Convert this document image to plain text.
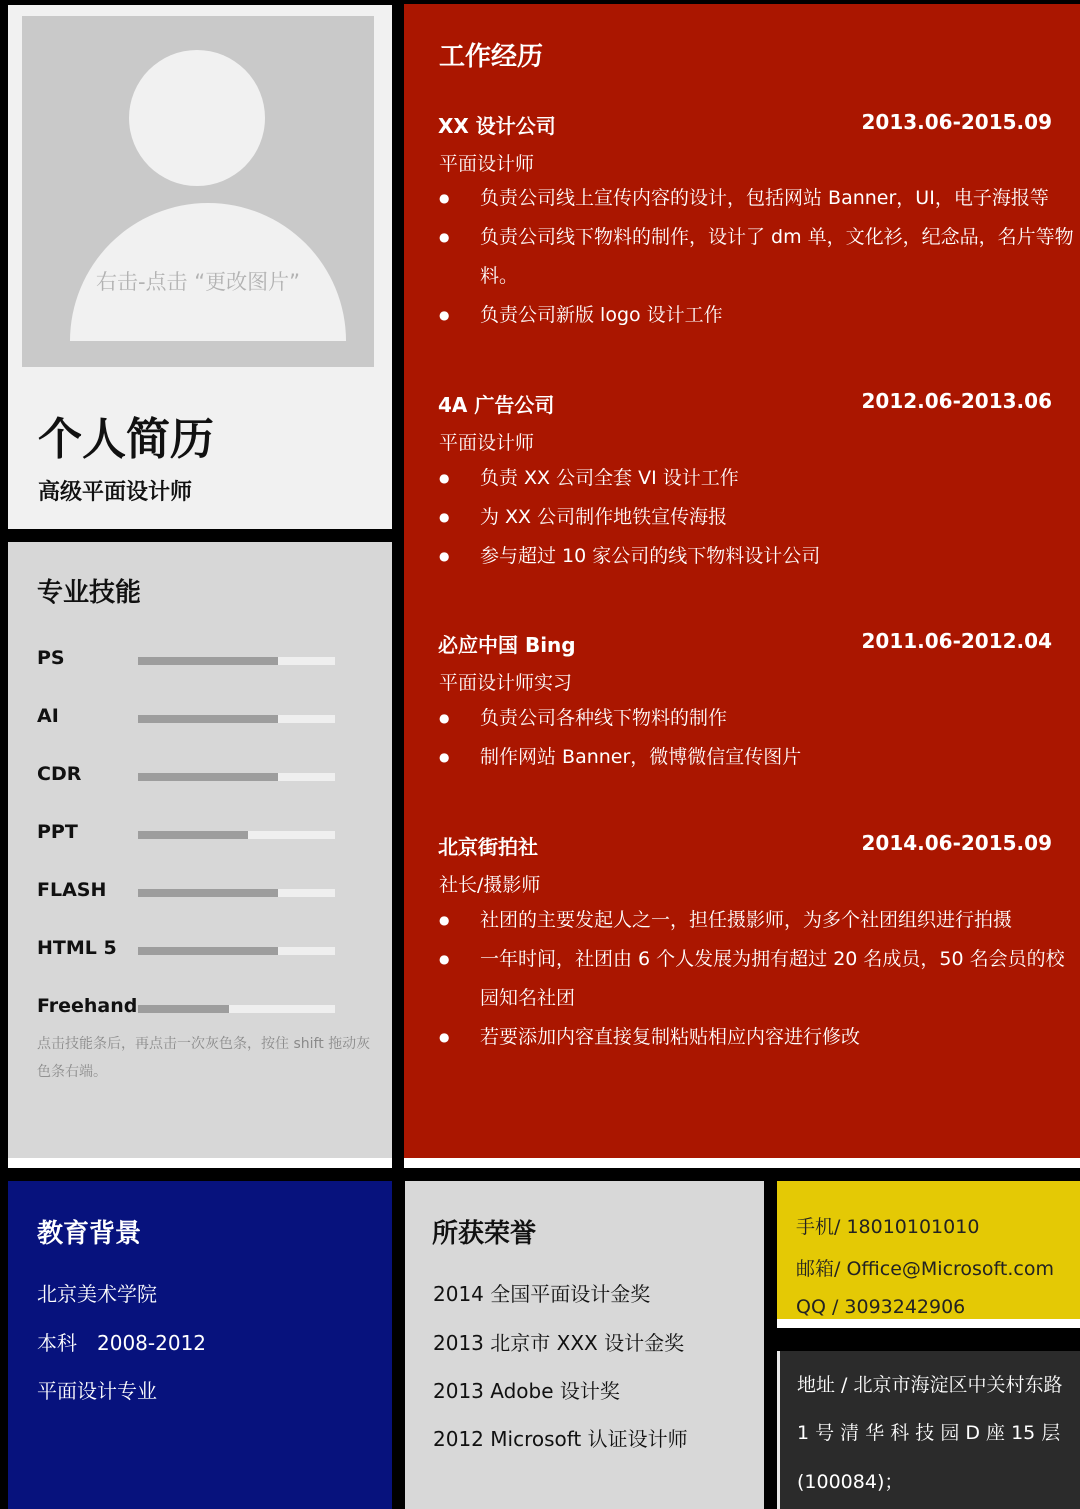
右击-点击 “更改图片”
个人简历
高级平面设计师
专业技能
PS
AI
CDR
PPT
FLASH
HTML 5
Freehand
点击技能条后，再点击一次灰色条，按住 shift 拖动灰色条右端。
工作经历
XX 设计公司	2013.06-2015.09
平面设计师
● 负责公司线上宣传内容的设计，包括网站 Banner，UI，电子海报等
● 负责公司线下物料的制作，设计了 dm 单，文化衫，纪念品，名片等物料。
● 负责公司新版 logo 设计工作
4A 广告公司	2012.06-2013.06
平面设计师
● 负责 XX 公司全套 VI 设计工作
● 为 XX 公司制作地铁宣传海报
● 参与超过 10 家公司的线下物料设计公司
必应中国 Bing	2011.06-2012.04
平面设计师实习
● 负责公司各种线下物料的制作
● 制作网站 Banner，微博微信宣传图片
北京街拍社	2014.06-2015.09
社长/摄影师
● 社团的主要发起人之一，担任摄影师，为多个社团组织进行拍摄
● 一年时间，社团由 6 个人发展为拥有超过 20 名成员，50 名会员的校园知名社团
● 若要添加内容直接复制粘贴相应内容进行修改
教育背景
北京美术学院
本科　2008-2012
平面设计专业
所获荣誉
2014 全国平面设计金奖
2013 北京市 XXX 设计金奖
2013 Adobe 设计奖
2012 Microsoft 认证设计师
手机/ 18010101010
邮箱/ Office@Microsoft.com
QQ / 3093242906
地址 / 北京市海淀区中关村东路
1 号 清 华 科 技 园 D 座 15 层
(100084)；
